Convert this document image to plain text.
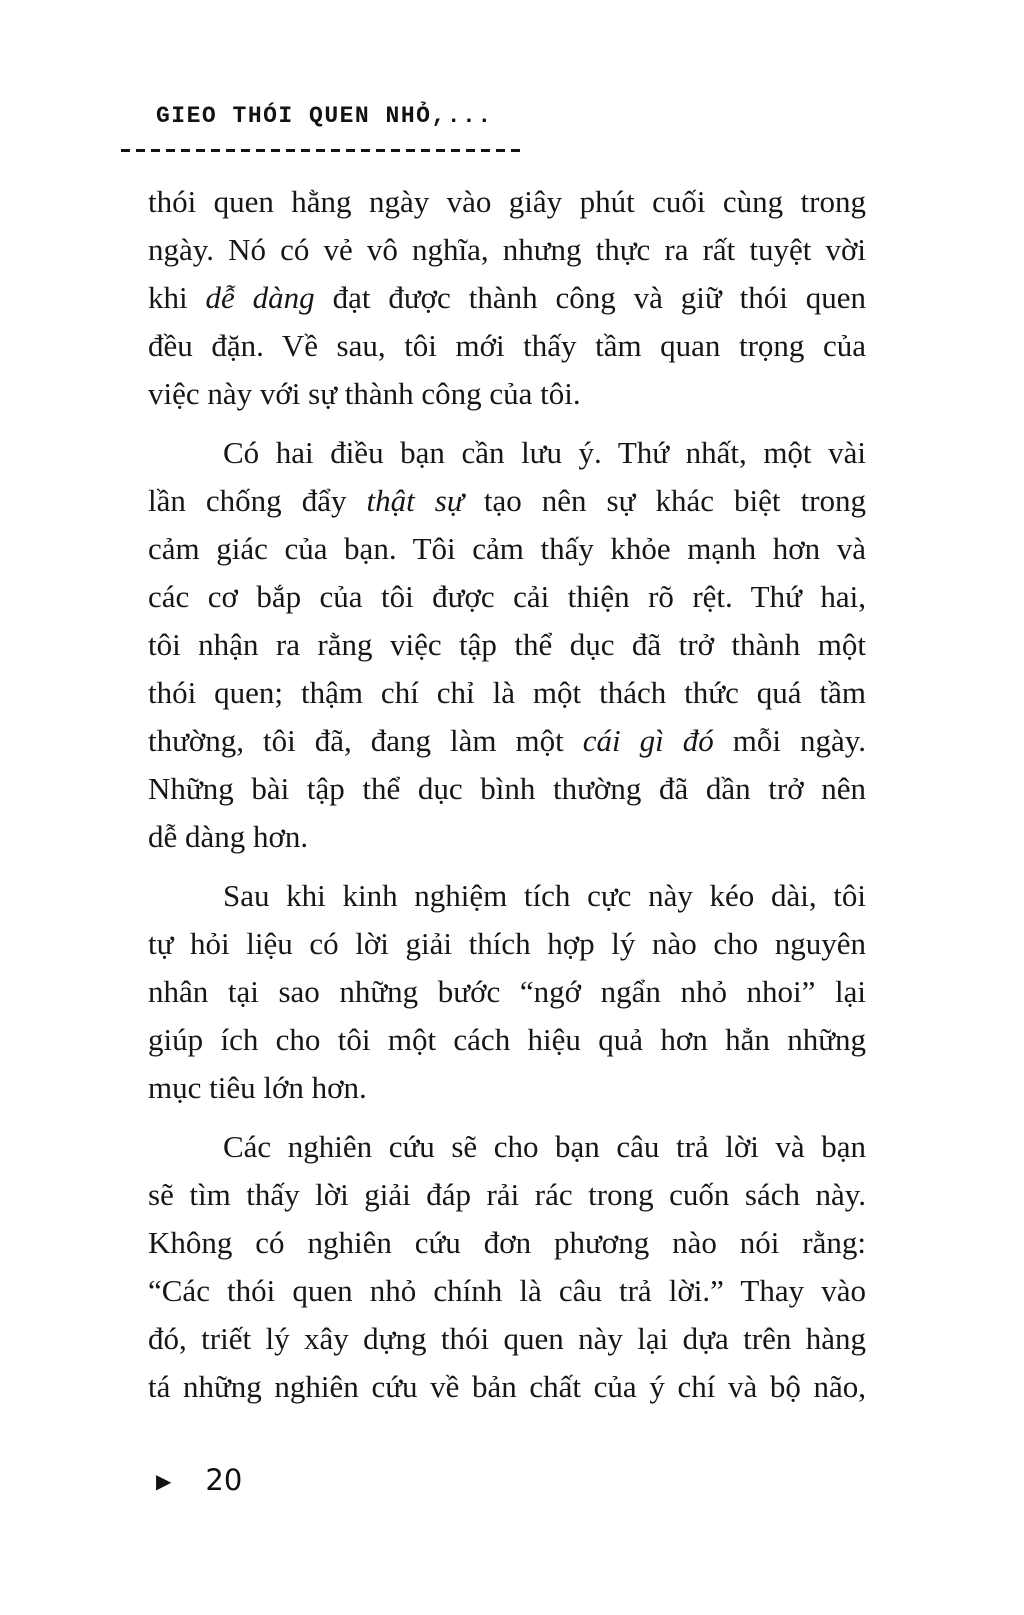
GIEO THÓI QUEN NHỎ,...
thói quen hằng ngày vào giây phút cuối cùng trong
ngày. Nó có vẻ vô nghĩa, nhưng thực ra rất tuyệt vời
khi dễ dàng đạt được thành công và giữ thói quen
đều đặn. Về sau, tôi mới thấy tầm quan trọng của
việc này với sự thành công của tôi.
Có hai điều bạn cần lưu ý. Thứ nhất, một vài
lần chống đẩy thật sự tạo nên sự khác biệt trong
cảm giác của bạn. Tôi cảm thấy khỏe mạnh hơn và
các cơ bắp của tôi được cải thiện rõ rệt. Thứ hai,
tôi nhận ra rằng việc tập thể dục đã trở thành một
thói quen; thậm chí chỉ là một thách thức quá tầm
thường, tôi đã, đang làm một cái gì đó mỗi ngày.
Những bài tập thể dục bình thường đã dần trở nên
dễ dàng hơn.
Sau khi kinh nghiệm tích cực này kéo dài, tôi
tự hỏi liệu có lời giải thích hợp lý nào cho nguyên
nhân tại sao những bước “ngớ ngẩn nhỏ nhoi” lại
giúp ích cho tôi một cách hiệu quả hơn hẳn những
mục tiêu lớn hơn.
Các nghiên cứu sẽ cho bạn câu trả lời và bạn
sẽ tìm thấy lời giải đáp rải rác trong cuốn sách này.
Không có nghiên cứu đơn phương nào nói rằng:
“Các thói quen nhỏ chính là câu trả lời.” Thay vào
đó, triết lý xây dựng thói quen này lại dựa trên hàng
tá những nghiên cứu về bản chất của ý chí và bộ não,
▶ 20
